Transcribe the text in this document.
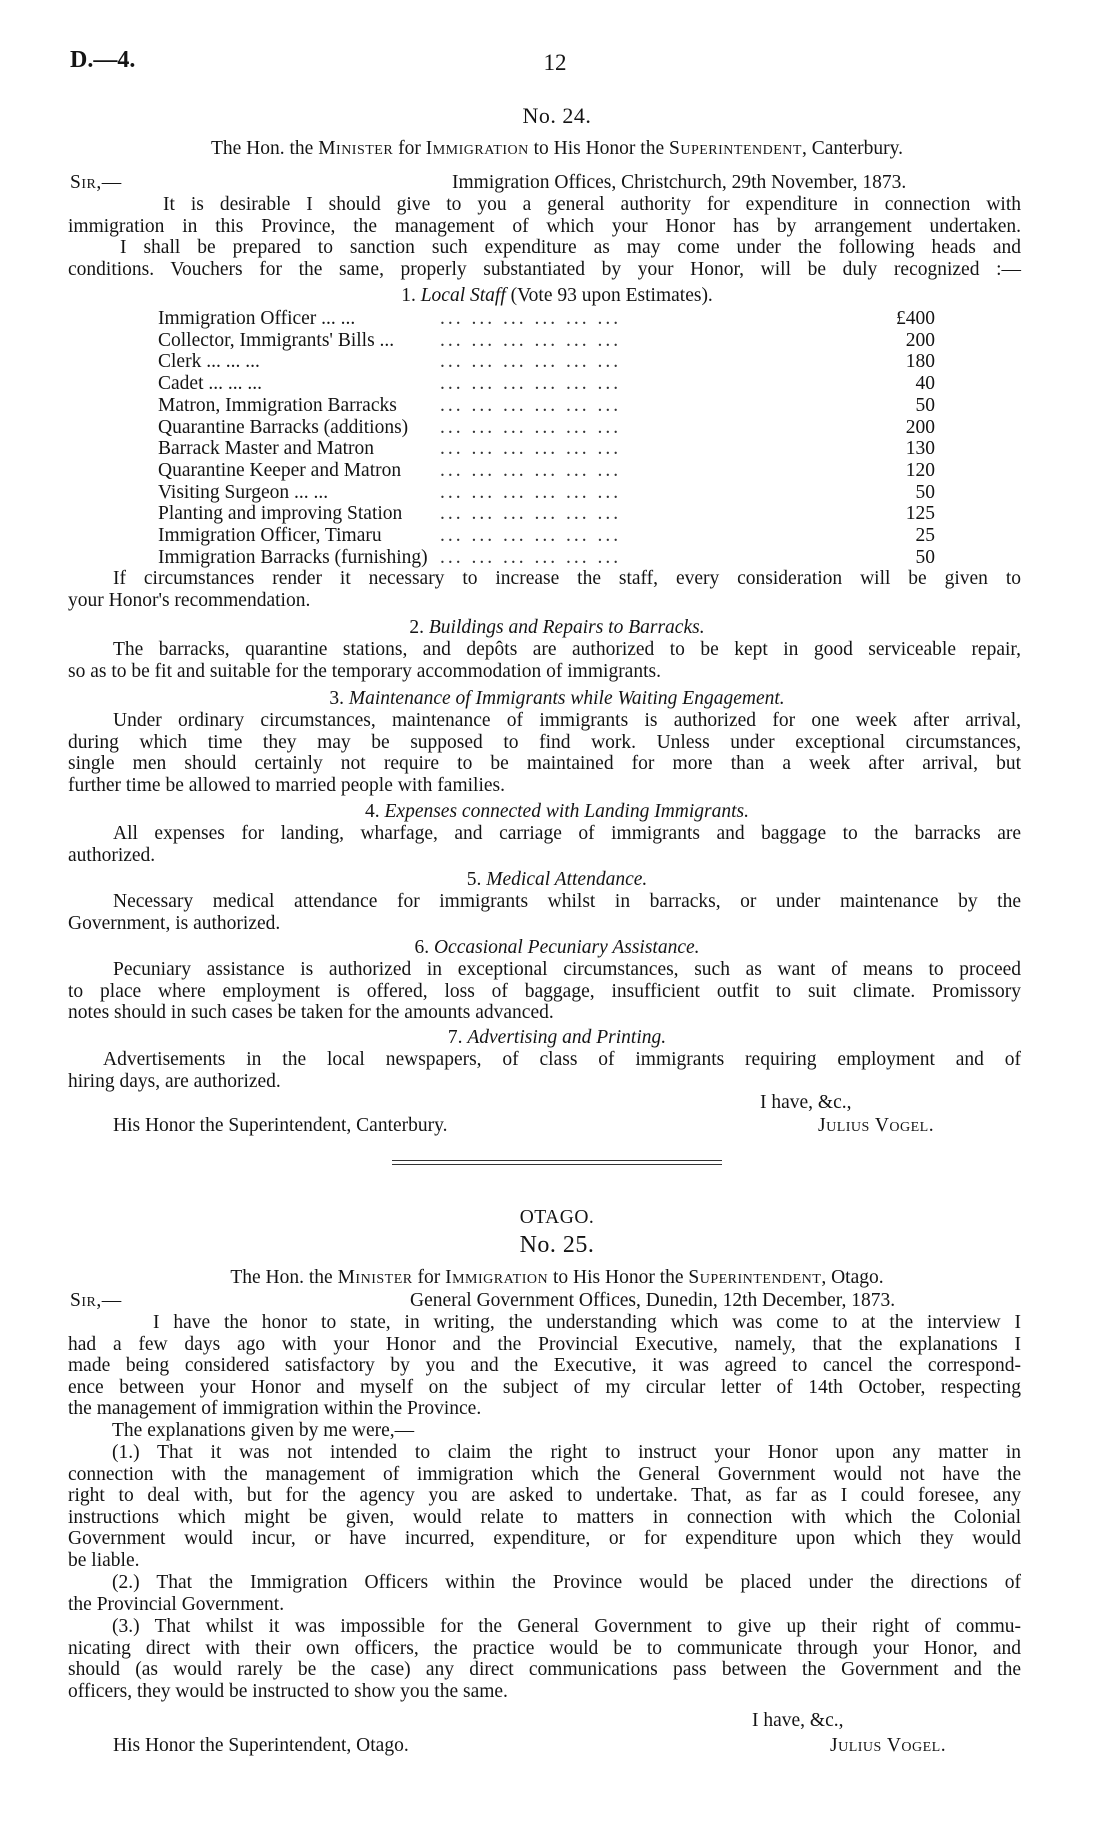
D.—4.	12
No. 24.
The Hon. the Minister for Immigration to His Honor the Superintendent, Canterbury.
Sir,—	Immigration Offices, Christchurch, 29th November, 1873.
It is desirable I should give to you a general authority for expenditure in connection with
immigration in this Province, the management of which your Honor has by arrangement undertaken.
I shall be prepared to sanction such expenditure as may come under the following heads and
conditions. Vouchers for the same, properly substantiated by your Honor, will be duly recognized :—
1. Local Staff (Vote 93 upon Estimates).
Immigration Officer ... ...	... ... ... ... ... ...	£400
Collector, Immigrants' Bills ... ... ... ... ... ... ...	200
Clerk ... ... ...	... ... ... ... ... ...	180
Cadet ... ... ...	... ... ... ... ... ...	40
Matron, Immigration Barracks ... ... ... ... ... ...	50
Quarantine Barracks (additions) ... ... ... ... ... ...	200
Barrack Master and Matron	... ... ... ... ... ...	130
Quarantine Keeper and Matron ... ... ... ... ... ...	120
Visiting Surgeon ... ...	... ... ... ... ... ...	50
Planting and improving Station ... ... ... ... ... ...	125
Immigration Officer, Timaru	... ... ... ... ... ...	25
Immigration Barracks (furnishing) ... ... ... ... ... ...	50
If circumstances render it necessary to increase the staff, every consideration will be given to
your Honor's recommendation.
2. Buildings and Repairs to Barracks.
The barracks, quarantine stations, and depôts are authorized to be kept in good serviceable repair,
so as to be fit and suitable for the temporary accommodation of immigrants.
3. Maintenance of Immigrants while Waiting Engagement.
Under ordinary circumstances, maintenance of immigrants is authorized for one week after arrival,
during which time they may be supposed to find work. Unless under exceptional circumstances,
single men should certainly not require to be maintained for more than a week after arrival, but
further time be allowed to married people with families.
4. Expenses connected with Landing Immigrants.
All expenses for landing, wharfage, and carriage of immigrants and baggage to the barracks are
authorized.
5. Medical Attendance.
Necessary medical attendance for immigrants whilst in barracks, or under maintenance by the
Government, is authorized.
6. Occasional Pecuniary Assistance.
Pecuniary assistance is authorized in exceptional circumstances, such as want of means to proceed
to place where employment is offered, loss of baggage, insufficient outfit to suit climate. Promissory
notes should in such cases be taken for the amounts advanced.
7. Advertising and Printing.
Advertisements in the local newspapers, of class of immigrants requiring employment and of
hiring days, are authorized.
I have, &c.,
His Honor the Superintendent, Canterbury.	Julius Vogel.
OTAGO.
No. 25.
The Hon. the Minister for Immigration to His Honor the Superintendent, Otago.
Sir,—	General Government Offices, Dunedin, 12th December, 1873.
I have the honor to state, in writing, the understanding which was come to at the interview I
had a few days ago with your Honor and the Provincial Executive, namely, that the explanations I
made being considered satisfactory by you and the Executive, it was agreed to cancel the correspond-
ence between your Honor and myself on the subject of my circular letter of 14th October, respecting
the management of immigration within the Province.
The explanations given by me were,—
(1.) That it was not intended to claim the right to instruct your Honor upon any matter in
connection with the management of immigration which the General Government would not have the
right to deal with, but for the agency you are asked to undertake. That, as far as I could foresee, any
instructions which might be given, would relate to matters in connection with which the Colonial
Government would incur, or have incurred, expenditure, or for expenditure upon which they would
be liable.
(2.) That the Immigration Officers within the Province would be placed under the directions of
the Provincial Government.
(3.) That whilst it was impossible for the General Government to give up their right of commu-
nicating direct with their own officers, the practice would be to communicate through your Honor, and
should (as would rarely be the case) any direct communications pass between the Government and the
officers, they would be instructed to show you the same.
I have, &c.,
His Honor the Superintendent, Otago.	Julius Vogel.
